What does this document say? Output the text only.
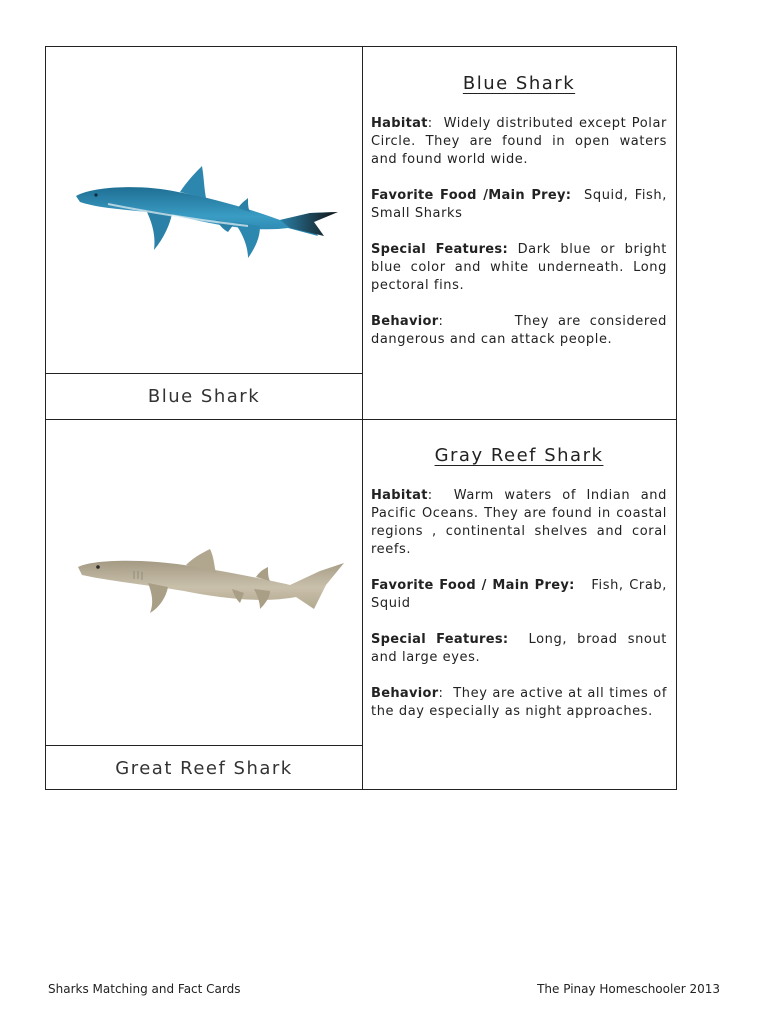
Blue Shark
Blue Shark

Habitat:  Widely distributed except Polar Circle. They are found in open waters and found world wide.

Favorite Food /Main Prey: Squid, Fish, Small Sharks

Special Features: Dark blue or bright blue color and white underneath. Long pectoral fins.

Behavior:        They are considered dangerous and can attack people.

Great Reef Shark
Gray Reef Shark

Habitat:  Warm waters of Indian and Pacific Oceans. They are found in coastal regions , continental shelves and coral reefs.

Favorite Food / Main Prey: Fish, Crab, Squid

Special Features: Long, broad snout and large eyes.

Behavior:  They are active at all times of the day especially as night approaches.

Sharks Matching and Fact Cards	The Pinay Homeschooler 2013
